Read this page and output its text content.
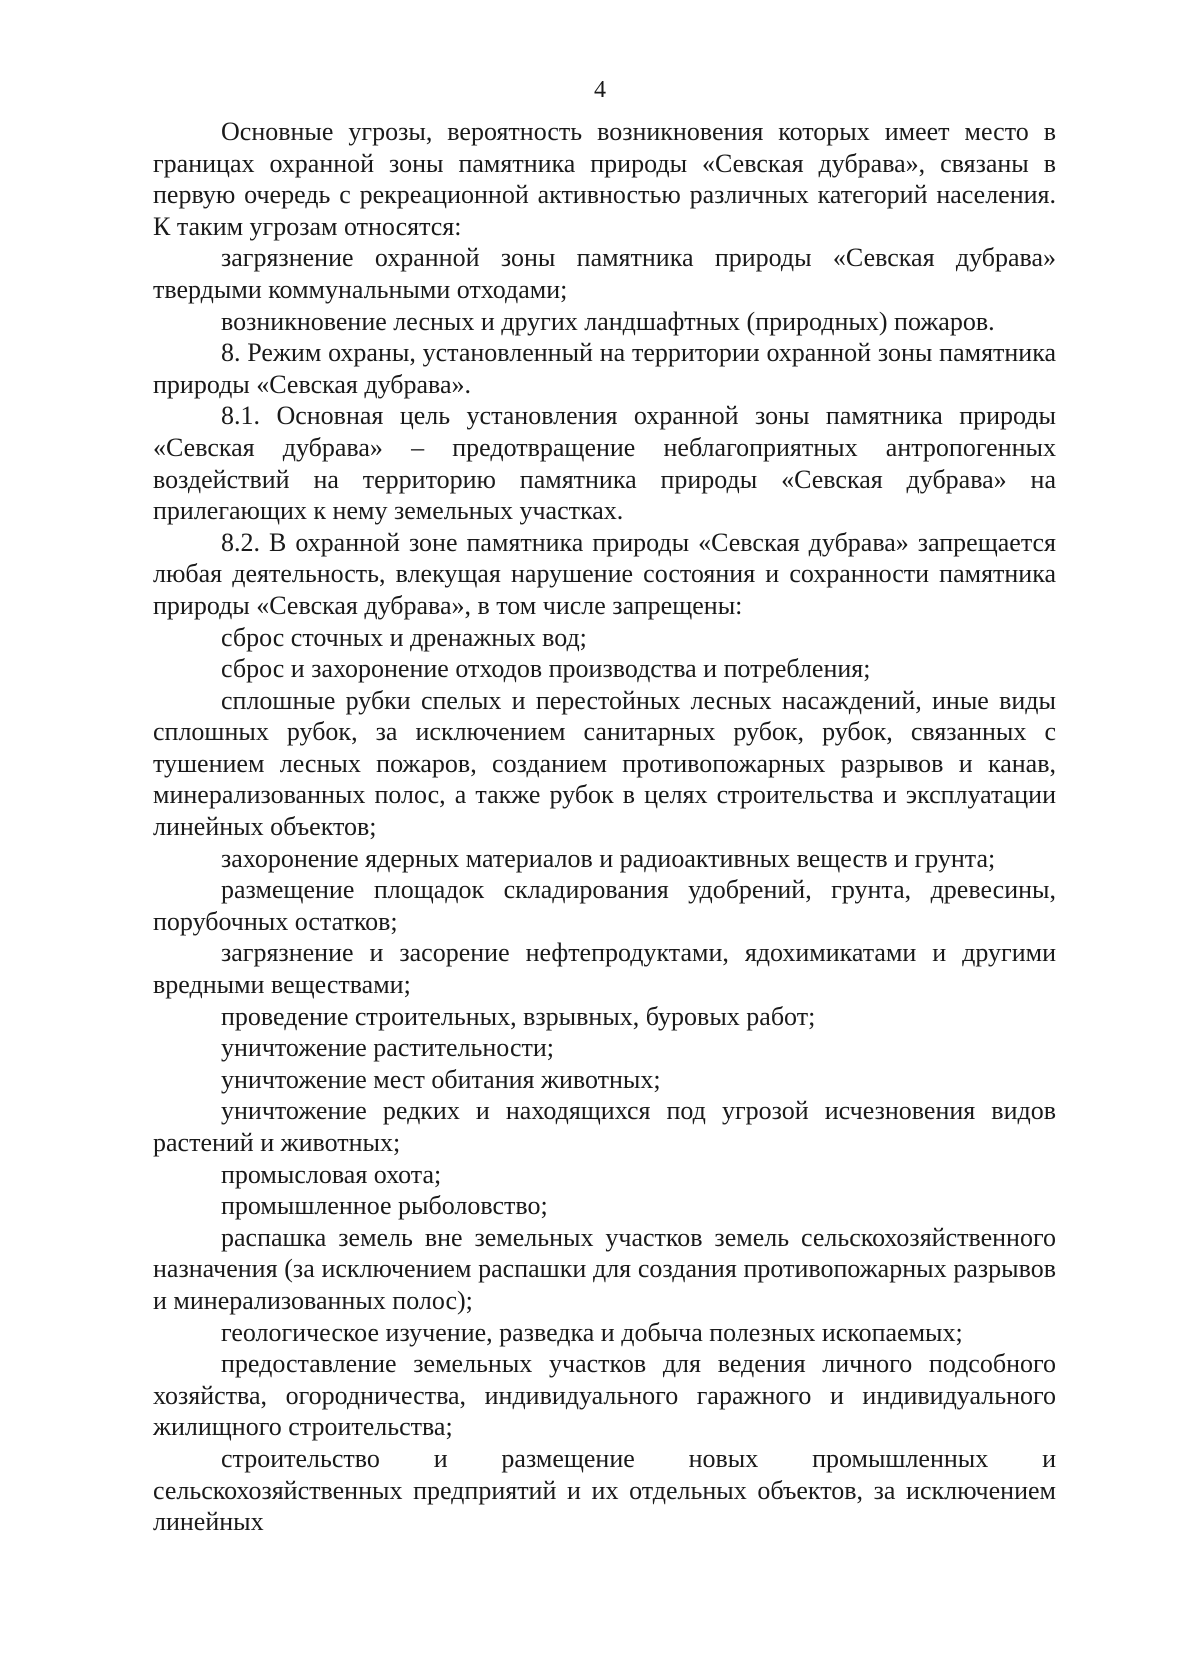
4

Основные угрозы, вероятность возникновения которых имеет место в границах охранной зоны памятника природы «Севская дубрава», связаны в первую очередь с рекреационной активностью различных категорий населения. К таким угрозам относятся:

загрязнение охранной зоны памятника природы «Севская дубрава» твердыми коммунальными отходами;

возникновение лесных и других ландшафтных (природных) пожаров.

8. Режим охраны, установленный на территории охранной зоны памятника природы «Севская дубрава».

8.1. Основная цель установления охранной зоны памятника природы «Севская дубрава» – предотвращение неблагоприятных антропогенных воздействий на территорию памятника природы «Севская дубрава» на прилегающих к нему земельных участках.

8.2. В охранной зоне памятника природы «Севская дубрава» запрещается любая деятельность, влекущая нарушение состояния и сохранности памятника природы «Севская дубрава», в том числе запрещены:

сброс сточных и дренажных вод;

сброс и захоронение отходов производства и потребления;

сплошные рубки спелых и перестойных лесных насаждений, иные виды сплошных рубок, за исключением санитарных рубок, рубок, связанных с тушением лесных пожаров, созданием противопожарных разрывов и канав, минерализованных полос, а также рубок в целях строительства и эксплуатации линейных объектов;

захоронение ядерных материалов и радиоактивных веществ и грунта;

размещение площадок складирования удобрений, грунта, древесины, порубочных остатков;

загрязнение и засорение нефтепродуктами, ядохимикатами и другими вредными веществами;

проведение строительных, взрывных, буровых работ;

уничтожение растительности;

уничтожение мест обитания животных;

уничтожение редких и находящихся под угрозой исчезновения видов растений и животных;

промысловая охота;

промышленное рыболовство;

распашка земель вне земельных участков земель сельскохозяйственного назначения (за исключением распашки для создания противопожарных разрывов и минерализованных полос);

геологическое изучение, разведка и добыча полезных ископаемых;

предоставление земельных участков для ведения личного подсобного хозяйства, огородничества, индивидуального гаражного и индивидуального жилищного строительства;

строительство и размещение новых промышленных и сельскохозяйственных предприятий и их отдельных объектов, за исключением линейных
